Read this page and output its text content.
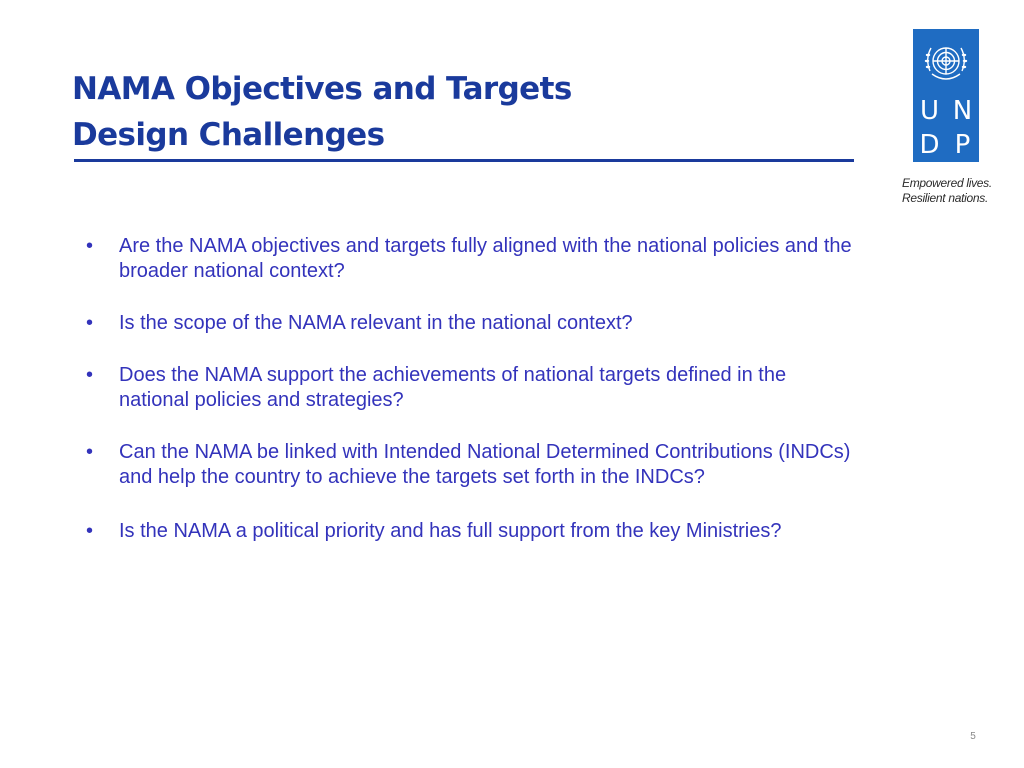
NAMA Objectives and Targets
Design Challenges
U N
D P
Empowered lives.
Resilient nations.
•	Are the NAMA objectives and targets fully aligned with the national policies and the broader national context?
•	Is the scope of the NAMA relevant in the national context?
•	Does the NAMA support the achievements of national targets defined in the national policies and strategies?
•	Can the NAMA be linked with Intended National Determined Contributions (INDCs) and help the country to achieve the targets set forth in the INDCs?
•	Is the NAMA a political priority and has full support from the key Ministries?
5
